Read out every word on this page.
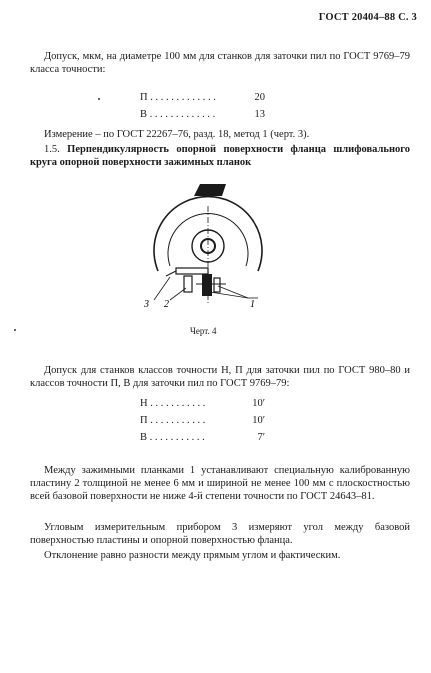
ГОСТ 20404–88 С. 3
Допуск, мкм, на диаметре 100 мм для станков для заточки пил по ГОСТ 9769–79 класса точности:
П . . . . . . . . . . . . .	20
В . . . . . . . . . . . . .	13
Измерение – по ГОСТ 22267–76, разд. 18, метод 1 (черт. 3).
1.5. Перпендикулярность опорной поверхности фланца шлифовального круга опорной поверхности зажимных планок
3 2	1
Черт. 4
Допуск для станков классов точности Н, П для заточки пил по ГОСТ 980–80 и классов точности П, В для заточки пил по ГОСТ 9769–79:
Н . . . . . . . . . . .	10′
П . . . . . . . . . . .	10′
В . . . . . . . . . . .	7′
Между зажимными планками 1 устанавливают специальную калиброванную пластину 2 толщиной не менее 6 мм и шириной не менее 100 мм с плоскостностью всей базовой поверхности не ниже 4-й степени точности по ГОСТ 24643–81.
Угловым измерительным прибором 3 измеряют угол между базовой поверхностью пластины и опорной поверхностью фланца.
Отклонение равно разности между прямым углом и фактическим.
